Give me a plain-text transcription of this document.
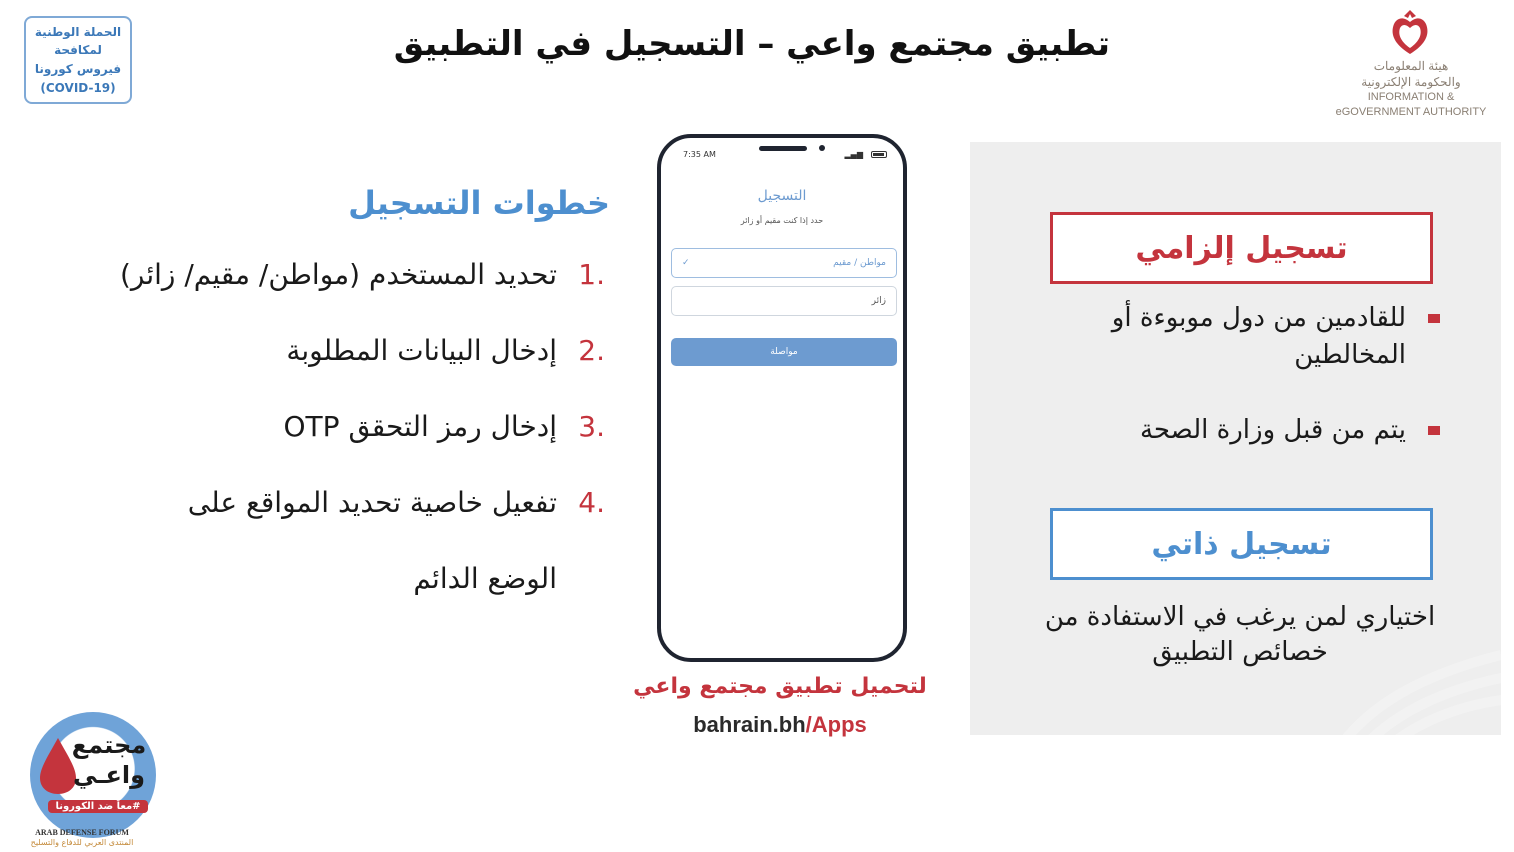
الحملة الوطنية
لمكافحة
فيروس كورونا
(COVID-19)
تطبيق مجتمع واعي – التسجيل في التطبيق
هيئة المعلومات
والحكومة الإلكترونية
INFORMATION &
eGOVERNMENT AUTHORITY
خطوات التسجيل
.1
تحديد المستخدم (مواطن/ مقيم/ زائر)
.2
إدخال البيانات المطلوبة
.3
إدخال رمز التحقق OTP
.4
تفعيل خاصية تحديد المواقع على
الوضع الدائم
7:35 AM	▂▄▆
التسجيل
حدد إذا كنت مقيم أو زائر
مواطن / مقيم
✓
زائر
مواصلة
لتحميل تطبيق مجتمع واعي
bahrain.bh/Apps
تسجيل إلزامي
للقادمين من دول موبوءة أو المخالطين
يتم من قبل وزارة الصحة
تسجيل ذاتي
اختياري لمن يرغب في الاستفادة من خصائص التطبيق
مجتمع
واعـي
#معاً ضد الكورونا
ARAB DEFENSE FORUM
المنتدى العربي للدفاع والتسليح
